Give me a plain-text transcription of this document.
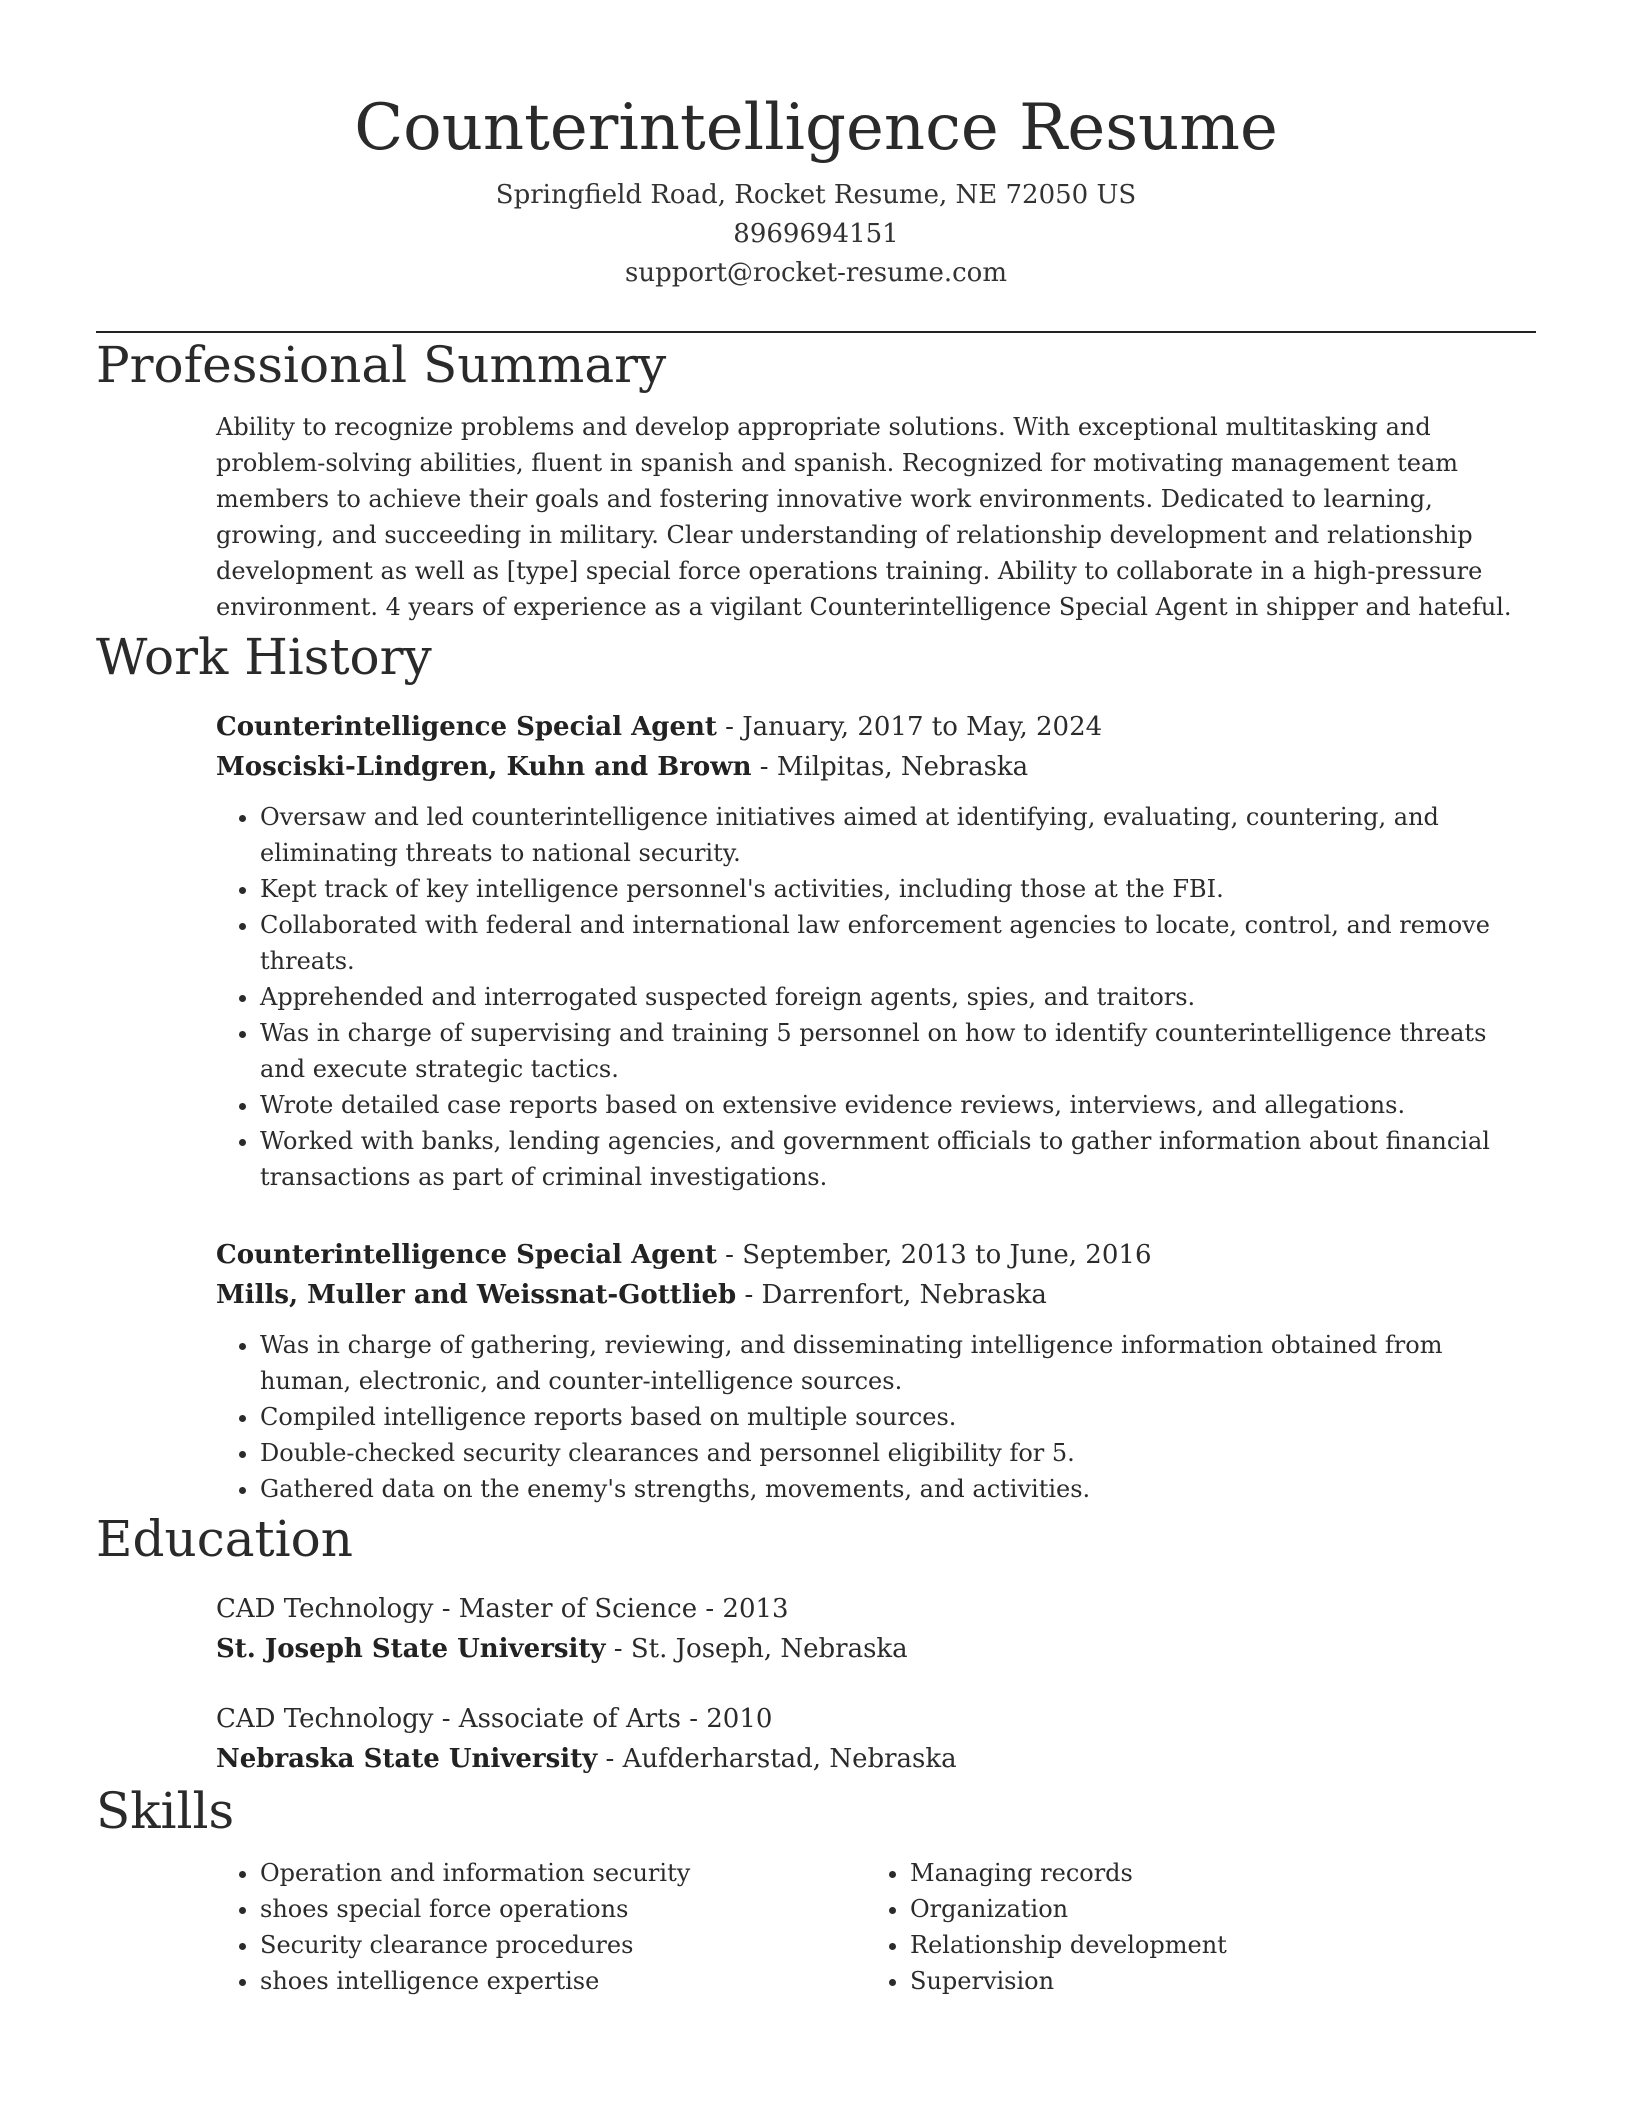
Counterintelligence Resume
Springfield Road, Rocket Resume, NE 72050 US
8969694151
support@rocket-resume.com
Professional Summary
Ability to recognize problems and develop appropriate solutions. With exceptional multitasking and problem-solving abilities, fluent in spanish and spanish. Recognized for motivating management team members to achieve their goals and fostering innovative work environments. Dedicated to learning, growing, and succeeding in military. Clear understanding of relationship development and relationship development as well as [type] special force operations training. Ability to collaborate in a high-pressure environment. 4 years of experience as a vigilant Counterintelligence Special Agent in shipper and hateful.
Work History
Counterintelligence Special Agent - January, 2017 to May, 2024
Mosciski-Lindgren, Kuhn and Brown - Milpitas, Nebraska
• Oversaw and led counterintelligence initiatives aimed at identifying, evaluating, countering, and eliminating threats to national security.
• Kept track of key intelligence personnel's activities, including those at the FBI.
• Collaborated with federal and international law enforcement agencies to locate, control, and remove threats.
• Apprehended and interrogated suspected foreign agents, spies, and traitors.
• Was in charge of supervising and training 5 personnel on how to identify counterintelligence threats and execute strategic tactics.
• Wrote detailed case reports based on extensive evidence reviews, interviews, and allegations.
• Worked with banks, lending agencies, and government officials to gather information about financial transactions as part of criminal investigations.
Counterintelligence Special Agent - September, 2013 to June, 2016
Mills, Muller and Weissnat-Gottlieb - Darrenfort, Nebraska
• Was in charge of gathering, reviewing, and disseminating intelligence information obtained from human, electronic, and counter-intelligence sources.
• Compiled intelligence reports based on multiple sources.
• Double-checked security clearances and personnel eligibility for 5.
• Gathered data on the enemy's strengths, movements, and activities.
Education
CAD Technology - Master of Science - 2013
St. Joseph State University - St. Joseph, Nebraska
CAD Technology - Associate of Arts - 2010
Nebraska State University - Aufderharstad, Nebraska
Skills
• Operation and information security
• shoes special force operations
• Security clearance procedures
• shoes intelligence expertise
• Managing records
• Organization
• Relationship development
• Supervision
